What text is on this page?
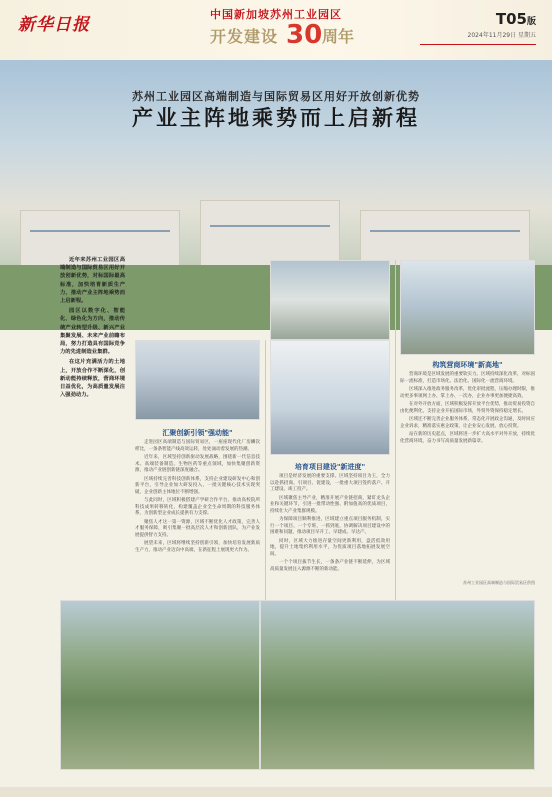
新华日报
中国新加坡苏州工业园区
开发建设 30 周年
T05版
2024年11月29日 星期五
苏州工业园区高端制造与国际贸易区用好开放创新优势
产业主阵地乘势而上启新程

近年来苏州工业园区高端制造与国际贸易区用好开放创新优势，对标国际最高标准，加快培育新质生产力，推动产业主阵地乘势而上启新程。

园区以数字化、智能化、绿色化为方向，推动传统产业转型升级、新兴产业集聚发展、未来产业前瞻布局，努力打造具有国际竞争力的先进制造业集群。

在这片充满活力的土地上，开放合作不断深化，创新动能持续释放，营商环境日益优化，为高质量发展注入强劲动力。

汇聚创新引领"强动能"

走进园区高端制造与国际贸易区，一座座现代化厂房鳞次栉比，一条条智能产线高效运转，处处涌动着发展的热潮。

近年来，区域坚持创新驱动发展战略，围绕新一代信息技术、高端装备制造、生物医药等重点领域，加快集聚创新资源，推动产业链创新链深度融合。

区域持续完善科技创新体系，支持企业建设研发中心和创新平台，引导企业加大研发投入，一批关键核心技术实现突破，企业创新主体地位不断增强。

与此同时，区域积极搭建产学研合作平台，推动高校院所科技成果转移转化，构建覆盖企业全生命周期的科技服务体系，为创新型企业成长提供有力支撑。

聚焦人才这一第一资源，区域不断优化人才政策，完善人才服务保障，吸引集聚一批高层次人才和创新团队，为产业发展提供智力支持。

展望未来，区域将继续坚持创新引领，加快培育发展新质生产力，推动产业迈向中高端，在新征程上展现更大作为。

培育项目建设"新进度"

项目是经济发展的重要支撑。区域坚持项目为王，全力以赴抓招商、引项目、促建设，一批重大项目签约落户、开工建设、竣工投产。

区域聚焦主导产业，精准开展产业链招商，紧盯龙头企业和关键环节，引进一批带动性强、附加值高的优质项目，持续壮大产业集群规模。

为保障项目顺利推进，区域建立重点项目服务机制，实行一个项目、一个专班、一抓到底，协调解决项目建设中的困难和问题，推动项目早开工、早建成、早达产。

同时，区域大力推进存量空间更新利用，盘活低效用地，提升土地集约利用水平，为优质项目落地拓展发展空间。

一个个项目拔节生长，一条条产业链不断延伸，为区域高质量发展注入源源不断的新动能。

构筑营商环境"新高地"

营商环境是区域发展的重要软实力。区域持续深化改革，对标国际一流标准，打造市场化、法治化、国际化一流营商环境。

区域深入推进政务服务改革，优化审批流程，压缩办理时限，推动更多事项网上办、掌上办、一次办，企业办事更加便捷高效。

在对外开放方面，区域积极发挥开放平台优势，推动贸易投资自由化便利化，支持企业开拓国际市场，外贸外资保持稳定增长。

区域还不断完善企业服务体系，常态化开展政企沟通，及时回应企业诉求，精准落实惠企政策，让企业安心发展、放心投资。

站在新的历史起点，区域将进一步扩大高水平对外开放，持续优化营商环境，奋力书写高质量发展新篇章。

苏州工业园区高端制造与国际贸易区供图
